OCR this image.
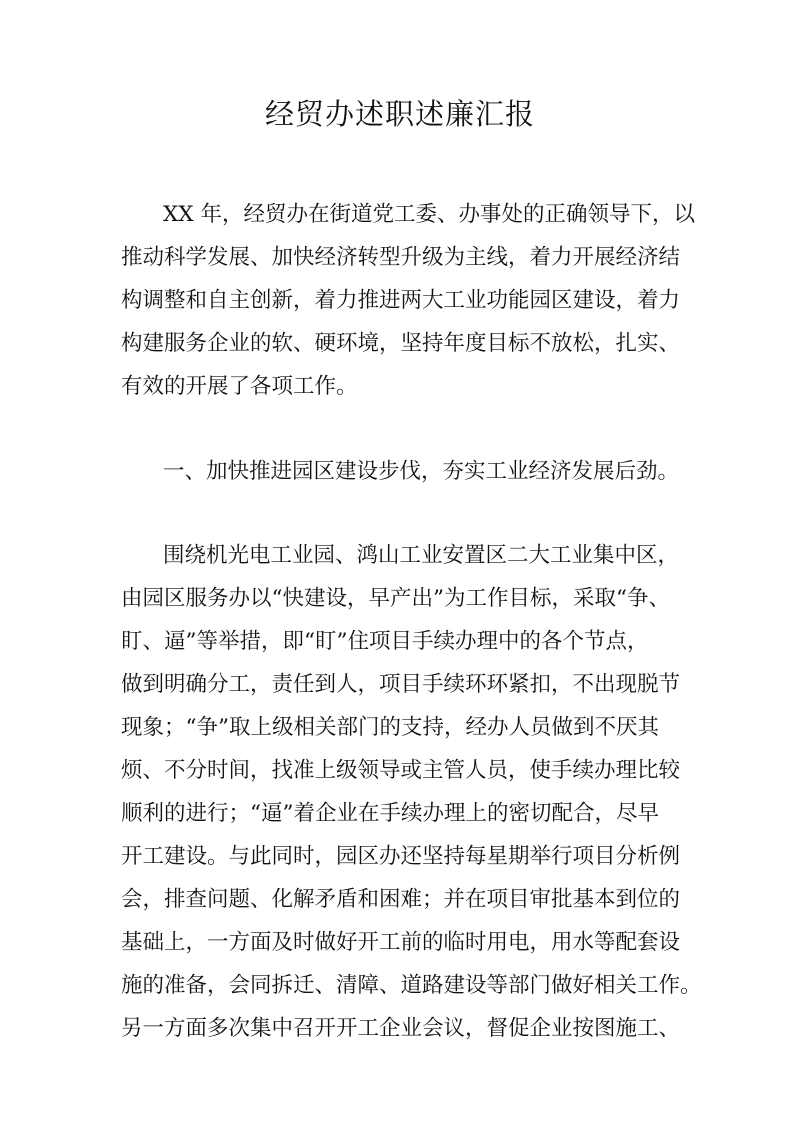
经贸办述职述廉汇报

XX 年，经贸办在街道党工委、办事处的正确领导下，以

推动科学发展、加快经济转型升级为主线，着力开展经济结

构调整和自主创新，着力推进两大工业功能园区建设，着力

构建服务企业的软、硬环境，坚持年度目标不放松，扎实、

有效的开展了各项工作。

一、加快推进园区建设步伐，夯实工业经济发展后劲。

围绕机光电工业园、鸿山工业安置区二大工业集中区，

由园区服务办以“快建设，早产出”为工作目标，采取“争、

盯、逼”等举措，即“盯”住项目手续办理中的各个节点，

做到明确分工，责任到人，项目手续环环紧扣，不出现脱节

现象；“争”取上级相关部门的支持，经办人员做到不厌其

烦、不分时间，找准上级领导或主管人员，使手续办理比较

顺利的进行；“逼”着企业在手续办理上的密切配合，尽早

开工建设。与此同时，园区办还坚持每星期举行项目分析例

会，排查问题、化解矛盾和困难；并在项目审批基本到位的

基础上，一方面及时做好开工前的临时用电，用水等配套设

施的准备，会同拆迁、清障、道路建设等部门做好相关工作。

另一方面多次集中召开开工企业会议，督促企业按图施工、
